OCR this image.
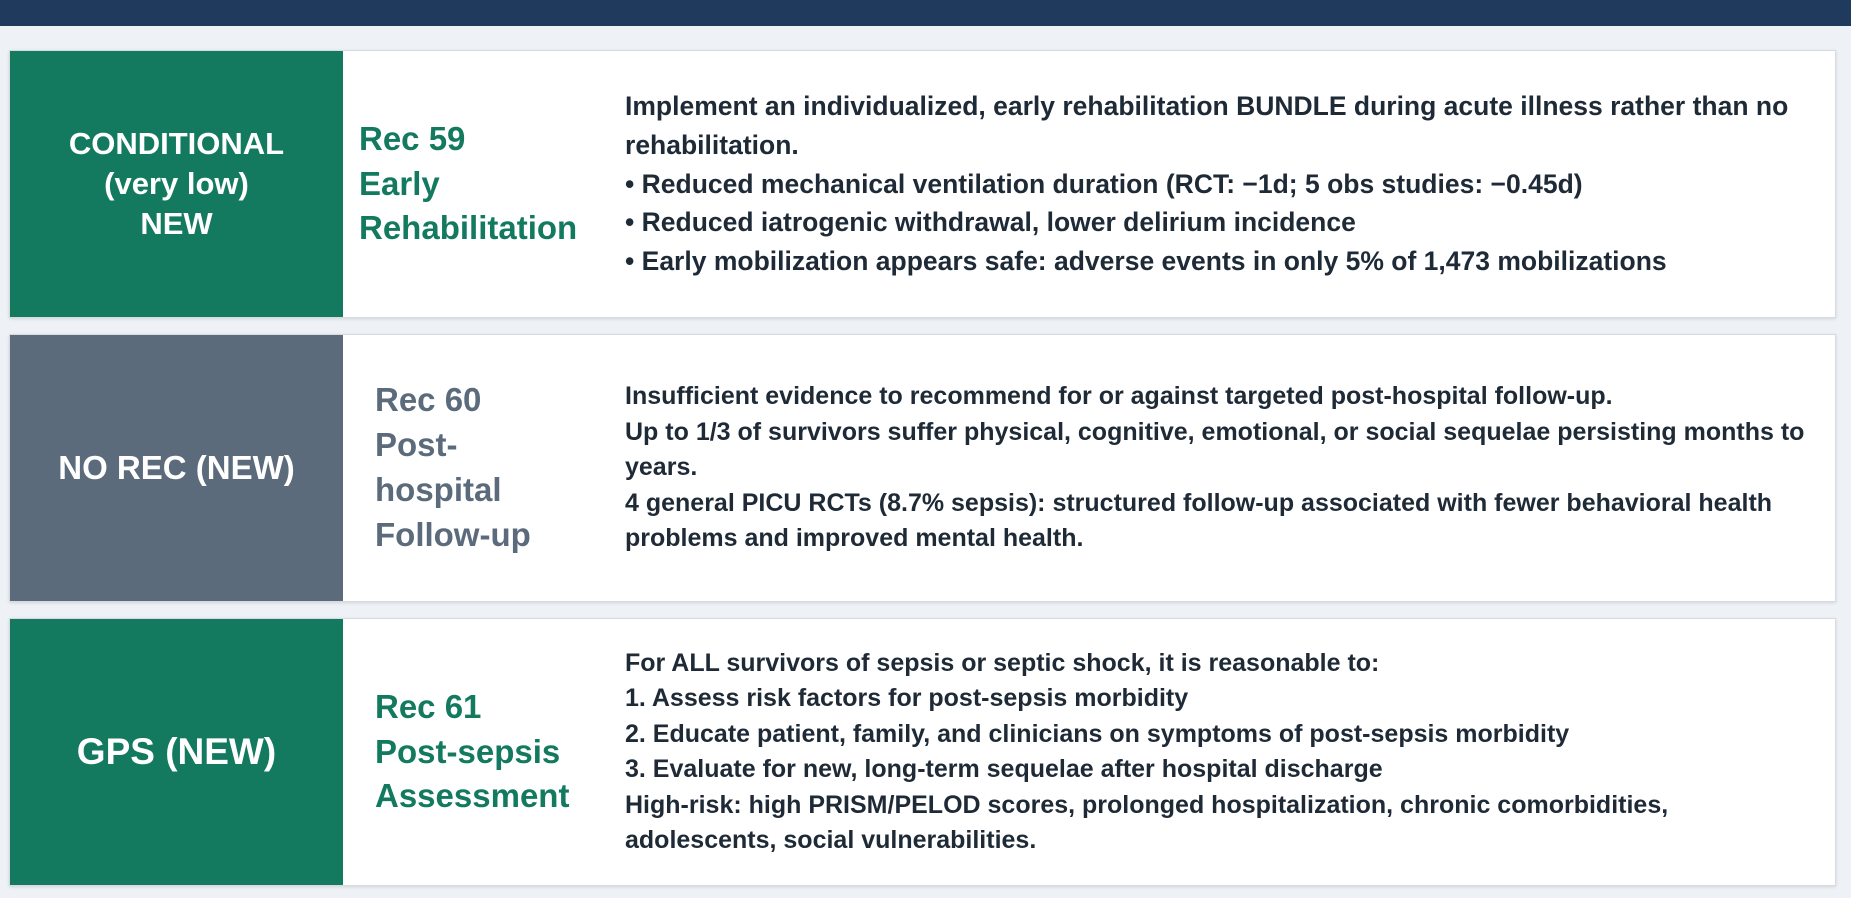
CONDITIONAL
(very low)
NEW
Rec 59
Early
Rehabilitation

Implement an individualized, early rehabilitation BUNDLE during acute illness rather than no rehabilitation.

• Reduced mechanical ventilation duration (RCT: −1d; 5 obs studies: −0.45d)

• Reduced iatrogenic withdrawal, lower delirium incidence

• Early mobilization appears safe: adverse events in only 5% of 1,473 mobilizations

NO REC (NEW)
Rec 60
Post-
hospital
Follow-up

Insufficient evidence to recommend for or against targeted post-hospital follow-up.

Up to 1/3 of survivors suffer physical, cognitive, emotional, or social sequelae persisting months to years.

4 general PICU RCTs (8.7% sepsis): structured follow-up associated with fewer behavioral health problems and improved mental health.

GPS (NEW)
Rec 61
Post-sepsis
Assessment

For ALL survivors of sepsis or septic shock, it is reasonable to:

1. Assess risk factors for post-sepsis morbidity

2. Educate patient, family, and clinicians on symptoms of post-sepsis morbidity

3. Evaluate for new, long-term sequelae after hospital discharge

High-risk: high PRISM/PELOD scores, prolonged hospitalization, chronic comorbidities, adolescents, social vulnerabilities.
